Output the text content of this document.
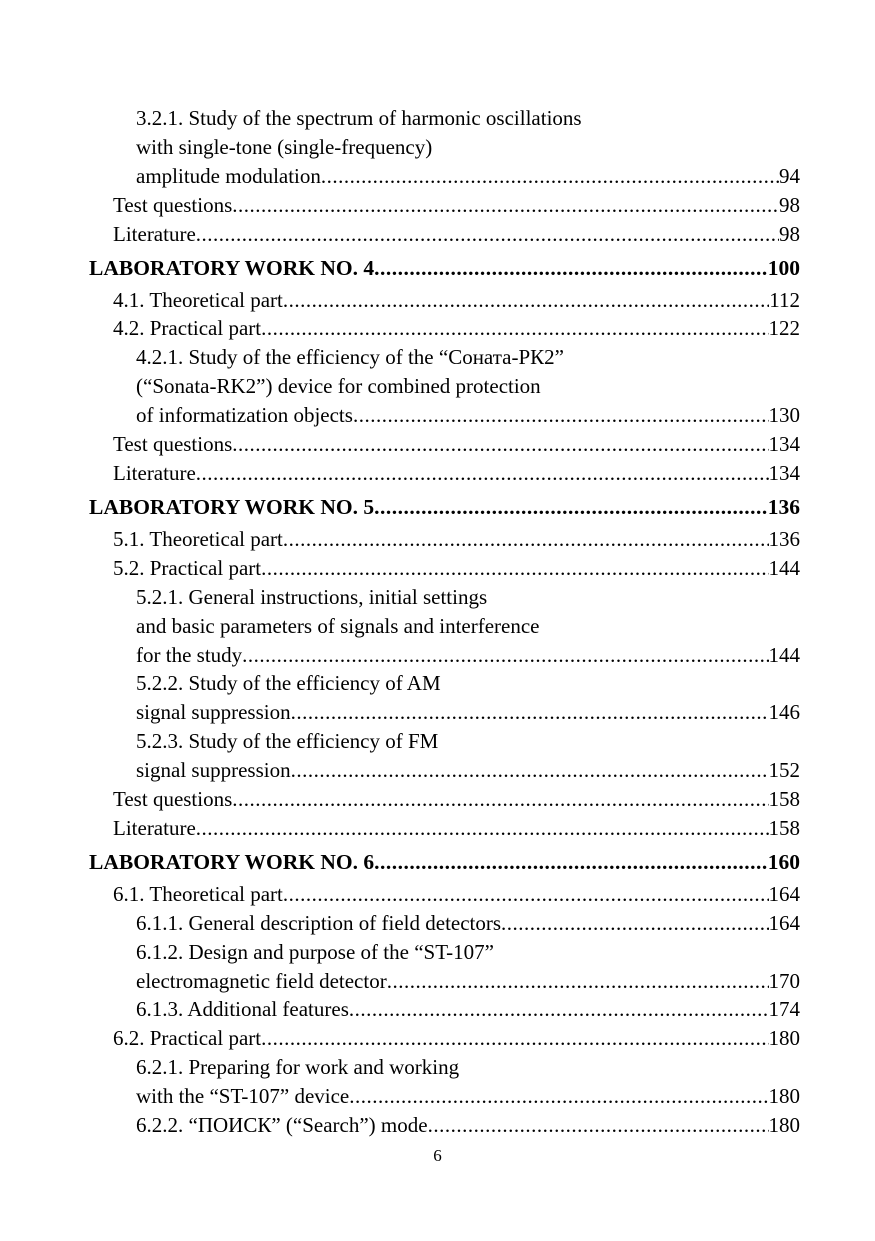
3.2.1. Study of the spectrum of harmonic oscillations
with single-tone (single-frequency)
amplitude modulation .....	94
Test questions .....	98
Literature .....	98
LABORATORY WORK NO. 4 .....	100
4.1. Theoretical part .....	112
4.2. Practical part .....	122
4.2.1. Study of the efficiency of the “Соната-РК2”
(“Sonata-RK2”) device for combined protection
of informatization objects .....	130
Test questions .....	134
Literature .....	134
LABORATORY WORK NO. 5 .....	136
5.1. Theoretical part .....	136
5.2. Practical part .....	144
5.2.1. General instructions, initial settings
and basic parameters of signals and interference
for the study .....	144
5.2.2. Study of the efficiency of AM
signal suppression .....	146
5.2.3. Study of the efficiency of FM
signal suppression .....	152
Test questions .....	158
Literature .....	158
LABORATORY WORK NO. 6 .....	160
6.1. Theoretical part .....	164
6.1.1. General description of field detectors .....	164
6.1.2. Design and purpose of the “ST-107”
electromagnetic field detector .....	170
6.1.3. Additional features .....	174
6.2. Practical part .....	180
6.2.1. Preparing for work and working
with the “ST-107” device .....	180
6.2.2. “ПОИСК” (“Search”) mode .....	180
6
